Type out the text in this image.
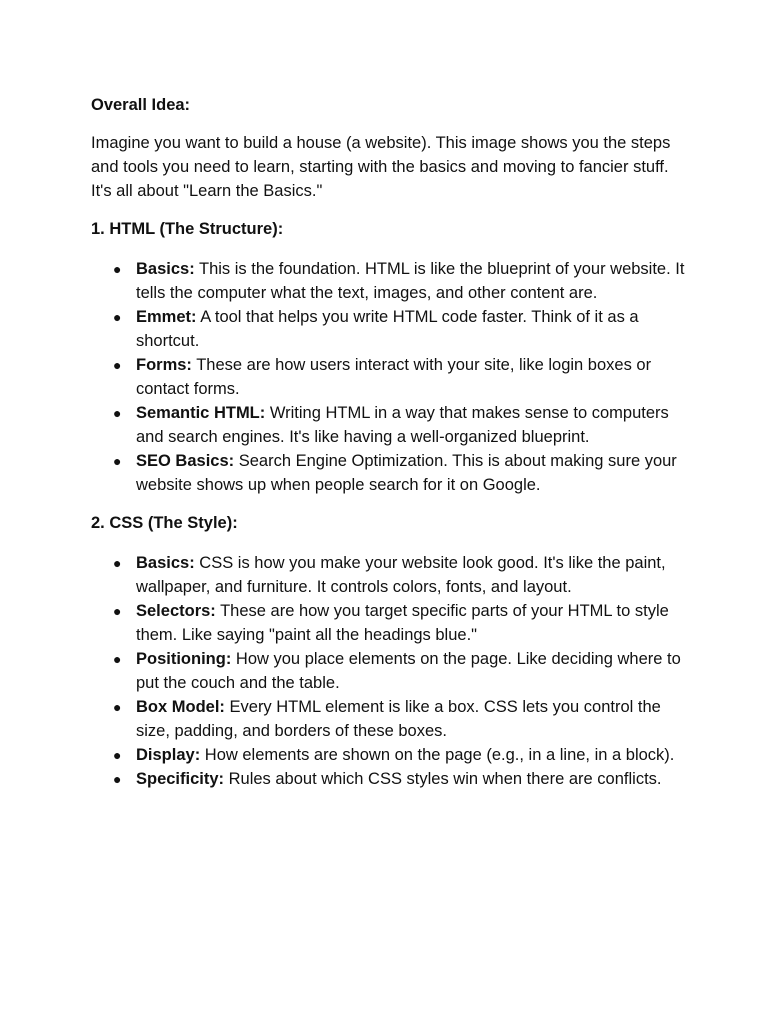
Overall Idea:
Imagine you want to build a house (a website). This image shows you the steps and tools you need to learn, starting with the basics and moving to fancier stuff. It's all about "Learn the Basics."
1. HTML (The Structure):
● Basics: This is the foundation. HTML is like the blueprint of your website. It tells the computer what the text, images, and other content are.
● Emmet: A tool that helps you write HTML code faster. Think of it as a shortcut.
● Forms: These are how users interact with your site, like login boxes or contact forms.
● Semantic HTML: Writing HTML in a way that makes sense to computers and search engines. It's like having a well-organized blueprint.
● SEO Basics: Search Engine Optimization. This is about making sure your website shows up when people search for it on Google.
2. CSS (The Style):
● Basics: CSS is how you make your website look good. It's like the paint, wallpaper, and furniture. It controls colors, fonts, and layout.
● Selectors: These are how you target specific parts of your HTML to style them. Like saying "paint all the headings blue."
● Positioning: How you place elements on the page. Like deciding where to put the couch and the table.
● Box Model: Every HTML element is like a box. CSS lets you control the size, padding, and borders of these boxes.
● Display: How elements are shown on the page (e.g., in a line, in a block).
● Specificity: Rules about which CSS styles win when there are conflicts.
